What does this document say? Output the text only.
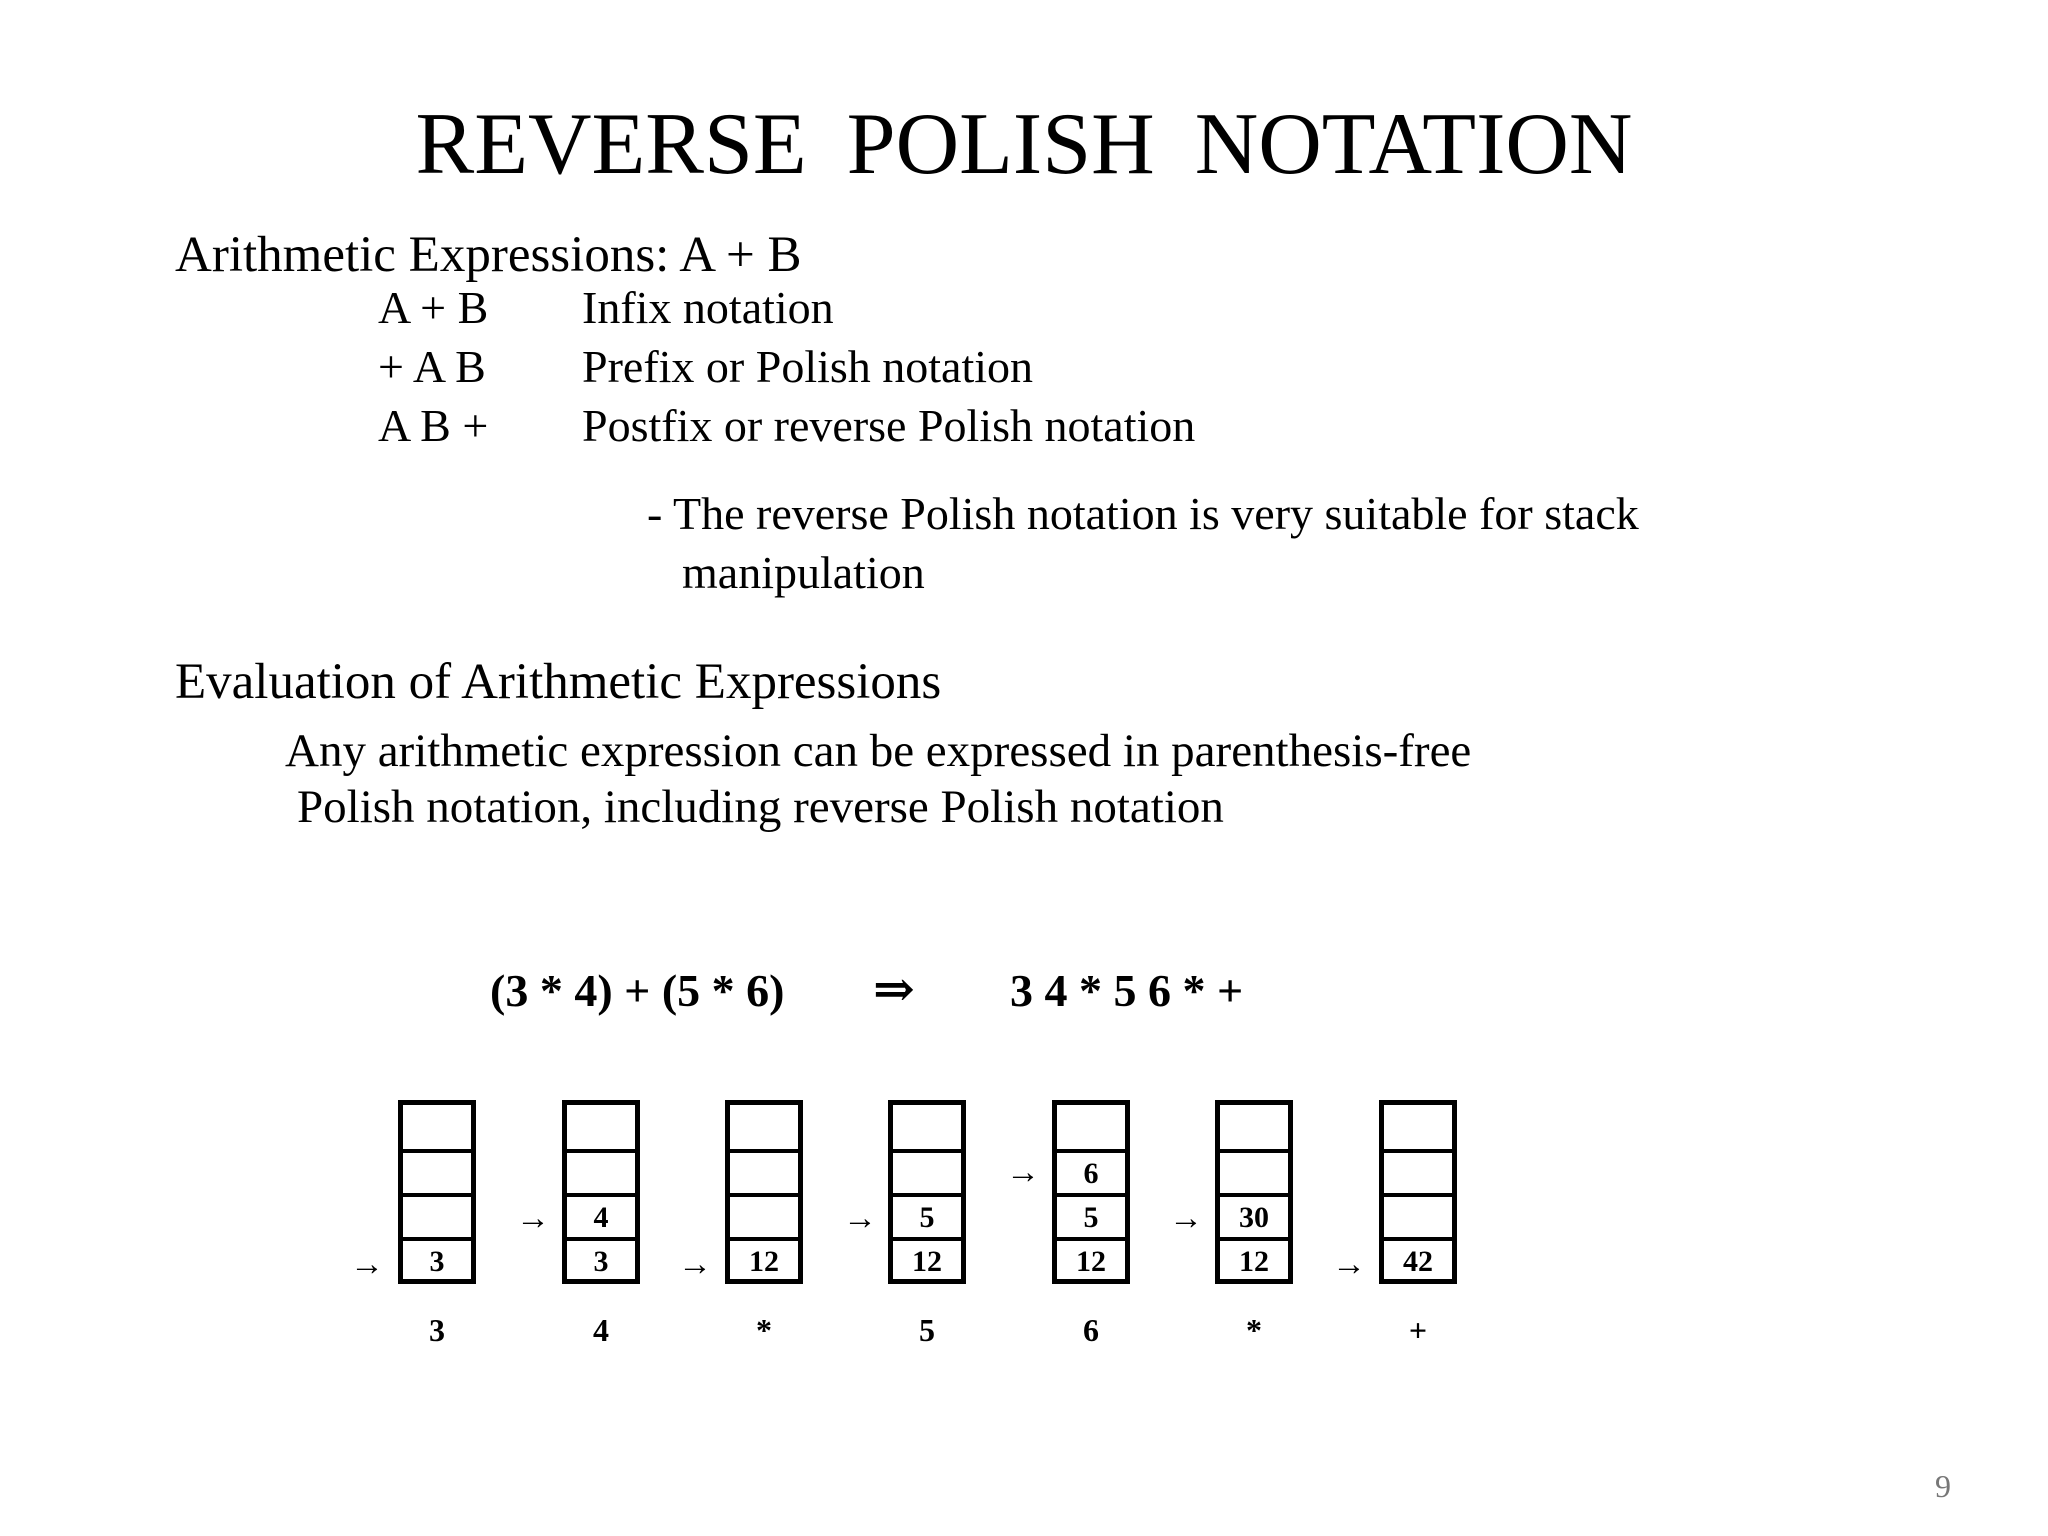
REVERSE POLISH NOTATION
Arithmetic Expressions: A + B
A + B Infix notation
+ A B Prefix or Polish notation
A B + Postfix or reverse Polish notation
- The reverse Polish notation is very suitable for stack
manipulation
Evaluation of Arithmetic Expressions
Any arithmetic expression can be expressed in parenthesis-free
Polish notation, including reverse Polish notation
(3 * 4) + (5 * 6) ⇒ 3 4 * 5 6 * +
3
→
3
4
3
→
4
12
→
*
5
12
→
5
6
5
12
→
6
30
12
→
*
42
→
+
9
